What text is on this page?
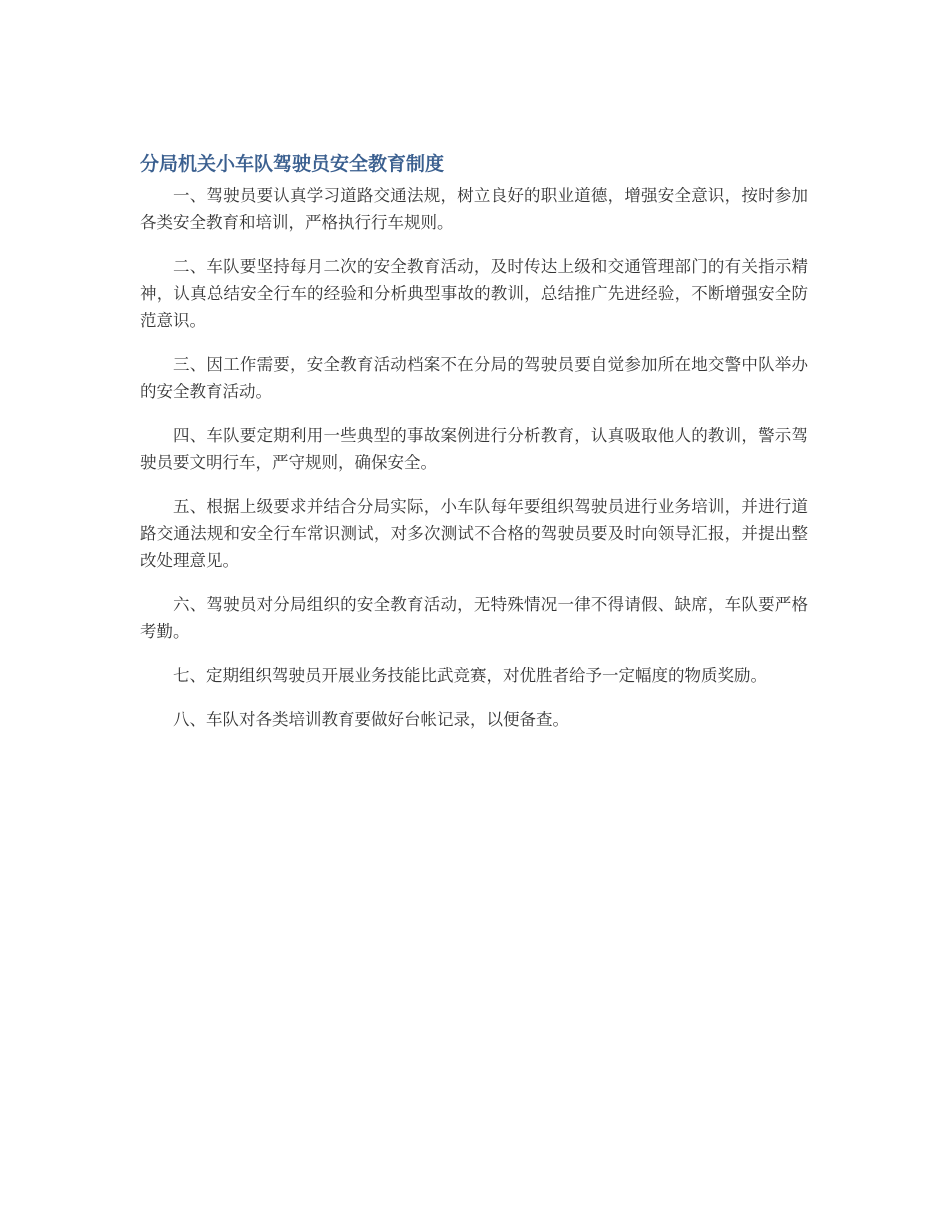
分局机关小车队驾驶员安全教育制度

一、驾驶员要认真学习道路交通法规，树立良好的职业道德，增强安全意识，按时参加各类安全教育和培训，严格执行行车规则。

二、车队要坚持每月二次的安全教育活动，及时传达上级和交通管理部门的有关指示精神，认真总结安全行车的经验和分析典型事故的教训，总结推广先进经验，不断增强安全防范意识。

三、因工作需要，安全教育活动档案不在分局的驾驶员要自觉参加所在地交警中队举办的安全教育活动。

四、车队要定期利用一些典型的事故案例进行分析教育，认真吸取他人的教训，警示驾驶员要文明行车，严守规则，确保安全。

五、根据上级要求并结合分局实际，小车队每年要组织驾驶员进行业务培训，并进行道路交通法规和安全行车常识测试，对多次测试不合格的驾驶员要及时向领导汇报，并提出整改处理意见。

六、驾驶员对分局组织的安全教育活动，无特殊情况一律不得请假、缺席，车队要严格考勤。

七、定期组织驾驶员开展业务技能比武竞赛，对优胜者给予一定幅度的物质奖励。

八、车队对各类培训教育要做好台帐记录，以便备查。
